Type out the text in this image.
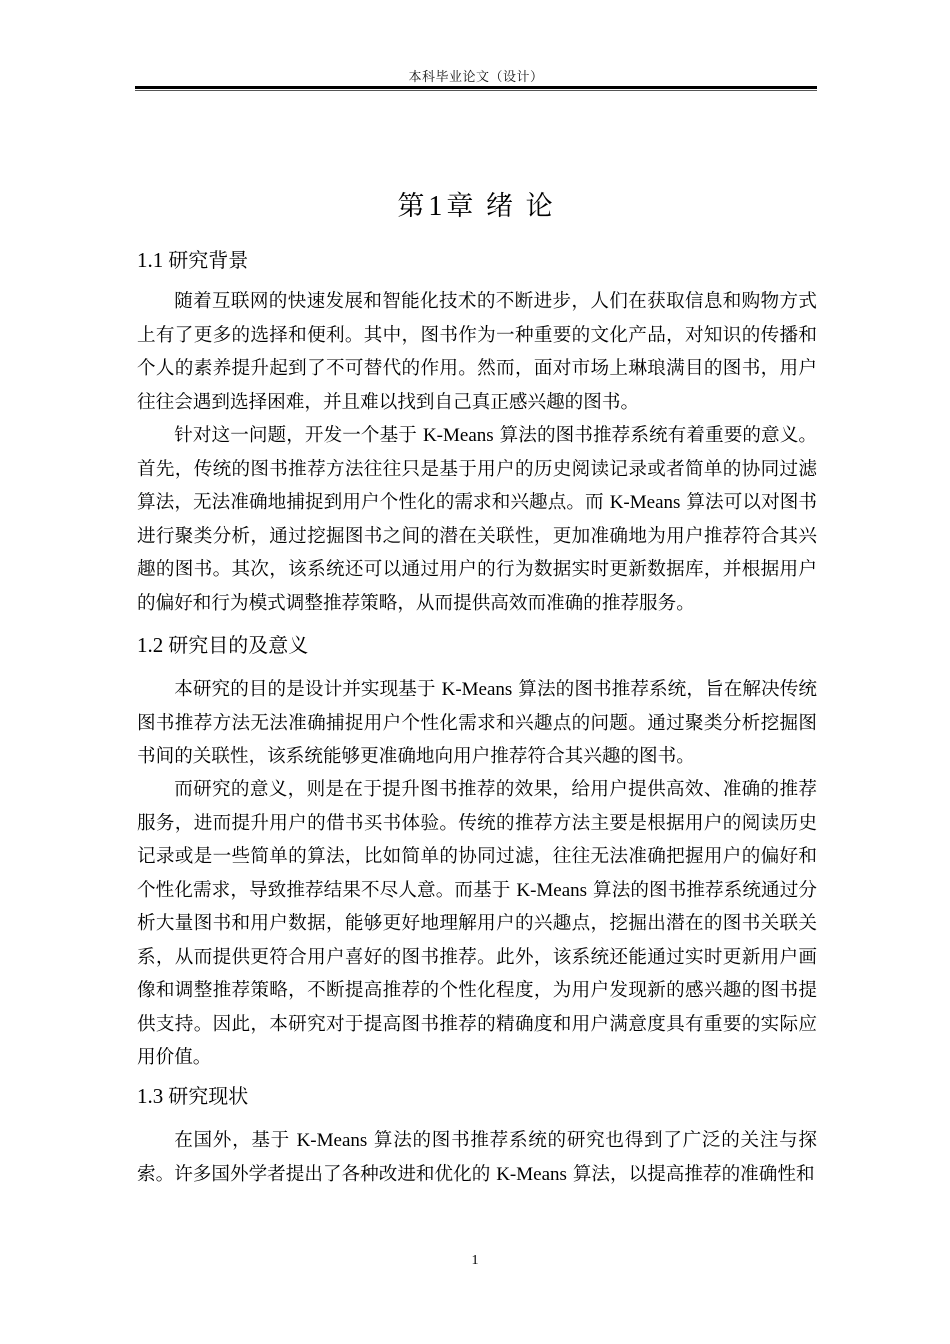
本科毕业论文（设计）
第1章 绪 论
1.1 研究背景

随着互联网的快速发展和智能化技术的不断进步，人们在获取信息和购物方式上有了更多的选择和便利。其中，图书作为一种重要的文化产品，对知识的传播和个人的素养提升起到了不可替代的作用。然而，面对市场上琳琅满目的图书，用户往往会遇到选择困难，并且难以找到自己真正感兴趣的图书。

针对这一问题，开发一个基于 K-Means 算法的图书推荐系统有着重要的意义。首先，传统的图书推荐方法往往只是基于用户的历史阅读记录或者简单的协同过滤算法，无法准确地捕捉到用户个性化的需求和兴趣点。而 K-Means 算法可以对图书进行聚类分析，通过挖掘图书之间的潜在关联性，更加准确地为用户推荐符合其兴趣的图书。其次，该系统还可以通过用户的行为数据实时更新数据库，并根据用户的偏好和行为模式调整推荐策略，从而提供高效而准确的推荐服务。

1.2 研究目的及意义

本研究的目的是设计并实现基于 K-Means 算法的图书推荐系统，旨在解决传统图书推荐方法无法准确捕捉用户个性化需求和兴趣点的问题。通过聚类分析挖掘图书间的关联性，该系统能够更准确地向用户推荐符合其兴趣的图书。

而研究的意义，则是在于提升图书推荐的效果，给用户提供高效、准确的推荐服务，进而提升用户的借书买书体验。传统的推荐方法主要是根据用户的阅读历史记录或是一些简单的算法，比如简单的协同过滤，往往无法准确把握用户的偏好和个性化需求，导致推荐结果不尽人意。而基于 K-Means 算法的图书推荐系统通过分析大量图书和用户数据，能够更好地理解用户的兴趣点，挖掘出潜在的图书关联关系，从而提供更符合用户喜好的图书推荐。此外，该系统还能通过实时更新用户画像和调整推荐策略，不断提高推荐的个性化程度，为用户发现新的感兴趣的图书提供支持。因此，本研究对于提高图书推荐的精确度和用户满意度具有重要的实际应用价值。

1.3 研究现状

在国外，基于 K-Means 算法的图书推荐系统的研究也得到了广泛的关注与探索。许多国外学者提出了各种改进和优化的 K-Means 算法，以提高推荐的准确性和

1
